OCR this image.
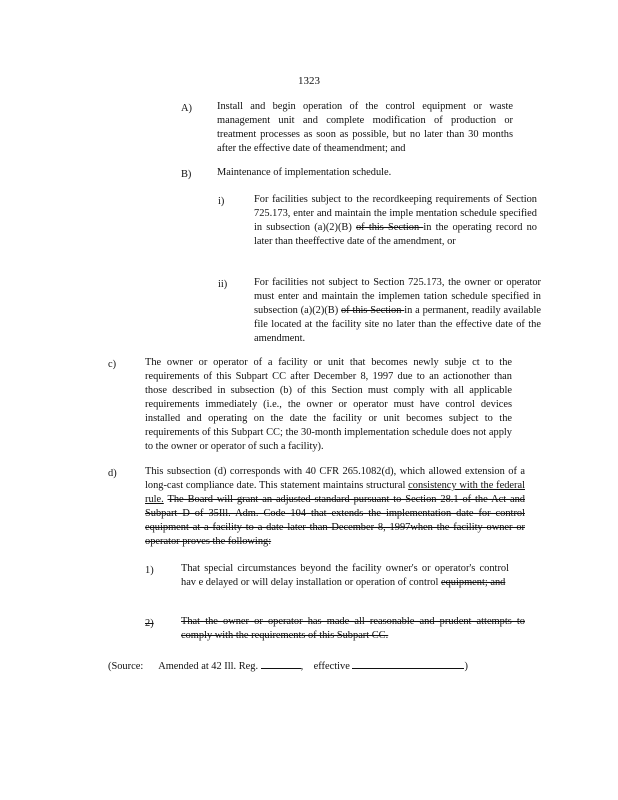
1323
A) Install and begin operation of the control equipment or waste management unit and complete modification of production or treatment processes as soon as possible, but no later than 30 months after the effective date of theamendment; and
B) Maintenance of implementation schedule.
i)	For facilities subject to the recordkeeping requirements of Section 725.173, enter and maintain the imple mentation schedule specified in subsection (a)(2)(B) of this Section in the operating record no later than theeffective date of the amendment, or
ii)	For facilities not subject to Section 725.173, the owner or operator must enter and maintain the implemen tation schedule specified in subsection (a)(2)(B) of this Section in a permanent, readily available file located at the facility site no later than the effective date of the amendment.
c)	The owner or operator of a facility or unit that becomes newly subje ct to the requirements of this Subpart CC after December 8, 1997 due to an actionother than those described in subsection (b) of this Section must comply with all applicable requirements immediately (i.e., the owner or operator must have control devices installed and operating on the date the facility or unit becomes subject to the requirements of this Subpart CC; the 30-month implementation schedule does not apply to the owner or operator of such a facility).
d)	This subsection (d) corresponds with 40 CFR 265.1082(d), which allowed extension of a long-cast compliance date. This statement maintains structural consistency with the federal rule. The Board will grant an adjusted standard pursuant to Section 28.1 of the Act and Subpart D of 35Ill. Adm. Code 104 that extends the implementation date for control equipment at a facility to a date later than December 8, 1997when the facility owner or operator proves the following:
1)	That special circumstances beyond the facility owner's or operator's control hav e delayed or will delay installation or operation of control equipment; and
2)	That the owner or operator has made all reasonable and prudent attempts to comply with the requirements of this Subpart CC.
(Source: Amended at 42 Ill. Reg.	, effective	)
